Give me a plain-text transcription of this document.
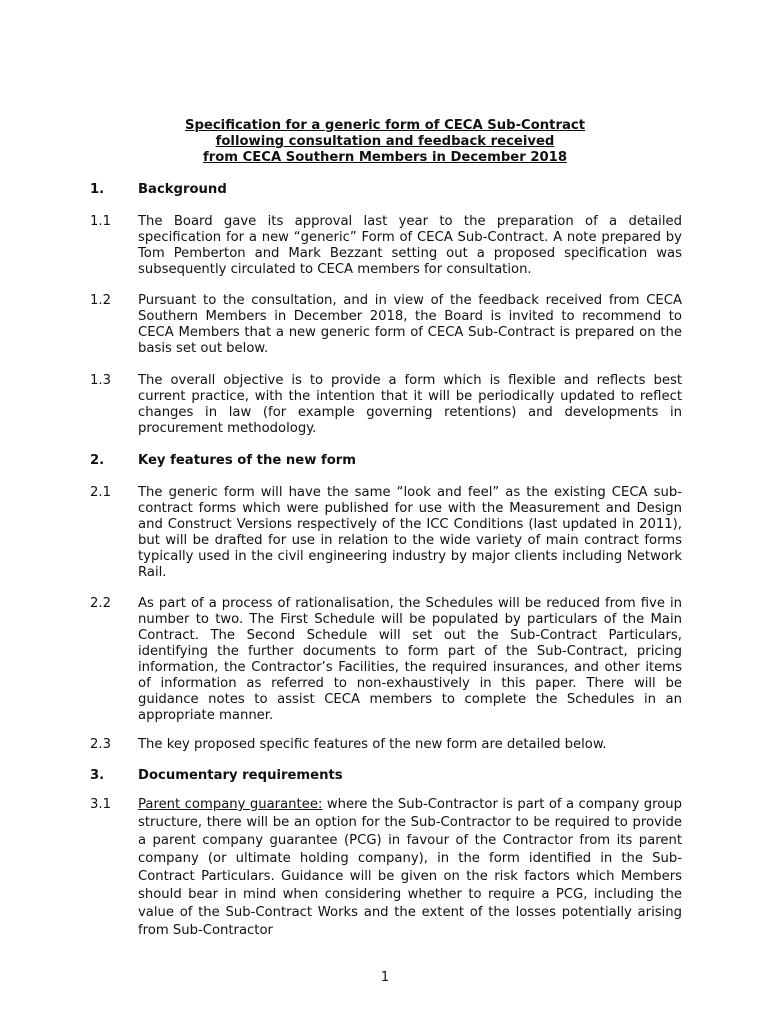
Specification for a generic form of CECA Sub-Contract
following consultation and feedback received
from CECA Southern Members in December 2018
1.	Background
1.1 The Board gave its approval last year to the preparation of a detailed specification for a new “generic” Form of CECA Sub-Contract. A note prepared by Tom Pemberton and Mark Bezzant setting out a proposed specification was subsequently circulated to CECA members for consultation.
1.2 Pursuant to the consultation, and in view of the feedback received from CECA Southern Members in December 2018, the Board is invited to recommend to CECA Members that a new generic form of CECA Sub-Contract is prepared on the basis set out below.
1.3 The overall objective is to provide a form which is flexible and reflects best current practice, with the intention that it will be periodically updated to reflect changes in law (for example governing retentions) and developments in procurement methodology.
2.	Key features of the new form
2.1 The generic form will have the same “look and feel” as the existing CECA sub-contract forms which were published for use with the Measurement and Design and Construct Versions respectively of the ICC Conditions (last updated in 2011), but will be drafted for use in relation to the wide variety of main contract forms typically used in the civil engineering industry by major clients including Network Rail.
2.2 As part of a process of rationalisation, the Schedules will be reduced from five in number to two. The First Schedule will be populated by particulars of the Main Contract. The Second Schedule will set out the Sub-Contract Particulars, identifying the further documents to form part of the Sub-Contract, pricing information, the Contractor’s Facilities, the required insurances, and other items of information as referred to non-exhaustively in this paper. There will be guidance notes to assist CECA members to complete the Schedules in an appropriate manner.
2.3 The key proposed specific features of the new form are detailed below.
3.	Documentary requirements
3.1 Parent company guarantee: where the Sub-Contractor is part of a company group structure, there will be an option for the Sub-Contractor to be required to provide a parent company guarantee (PCG) in favour of the Contractor from its parent company (or ultimate holding company), in the form identified in the Sub-Contract Particulars. Guidance will be given on the risk factors which Members should bear in mind when considering whether to require a PCG, including the value of the Sub-Contract Works and the extent of the losses potentially arising from Sub-Contractor
1
